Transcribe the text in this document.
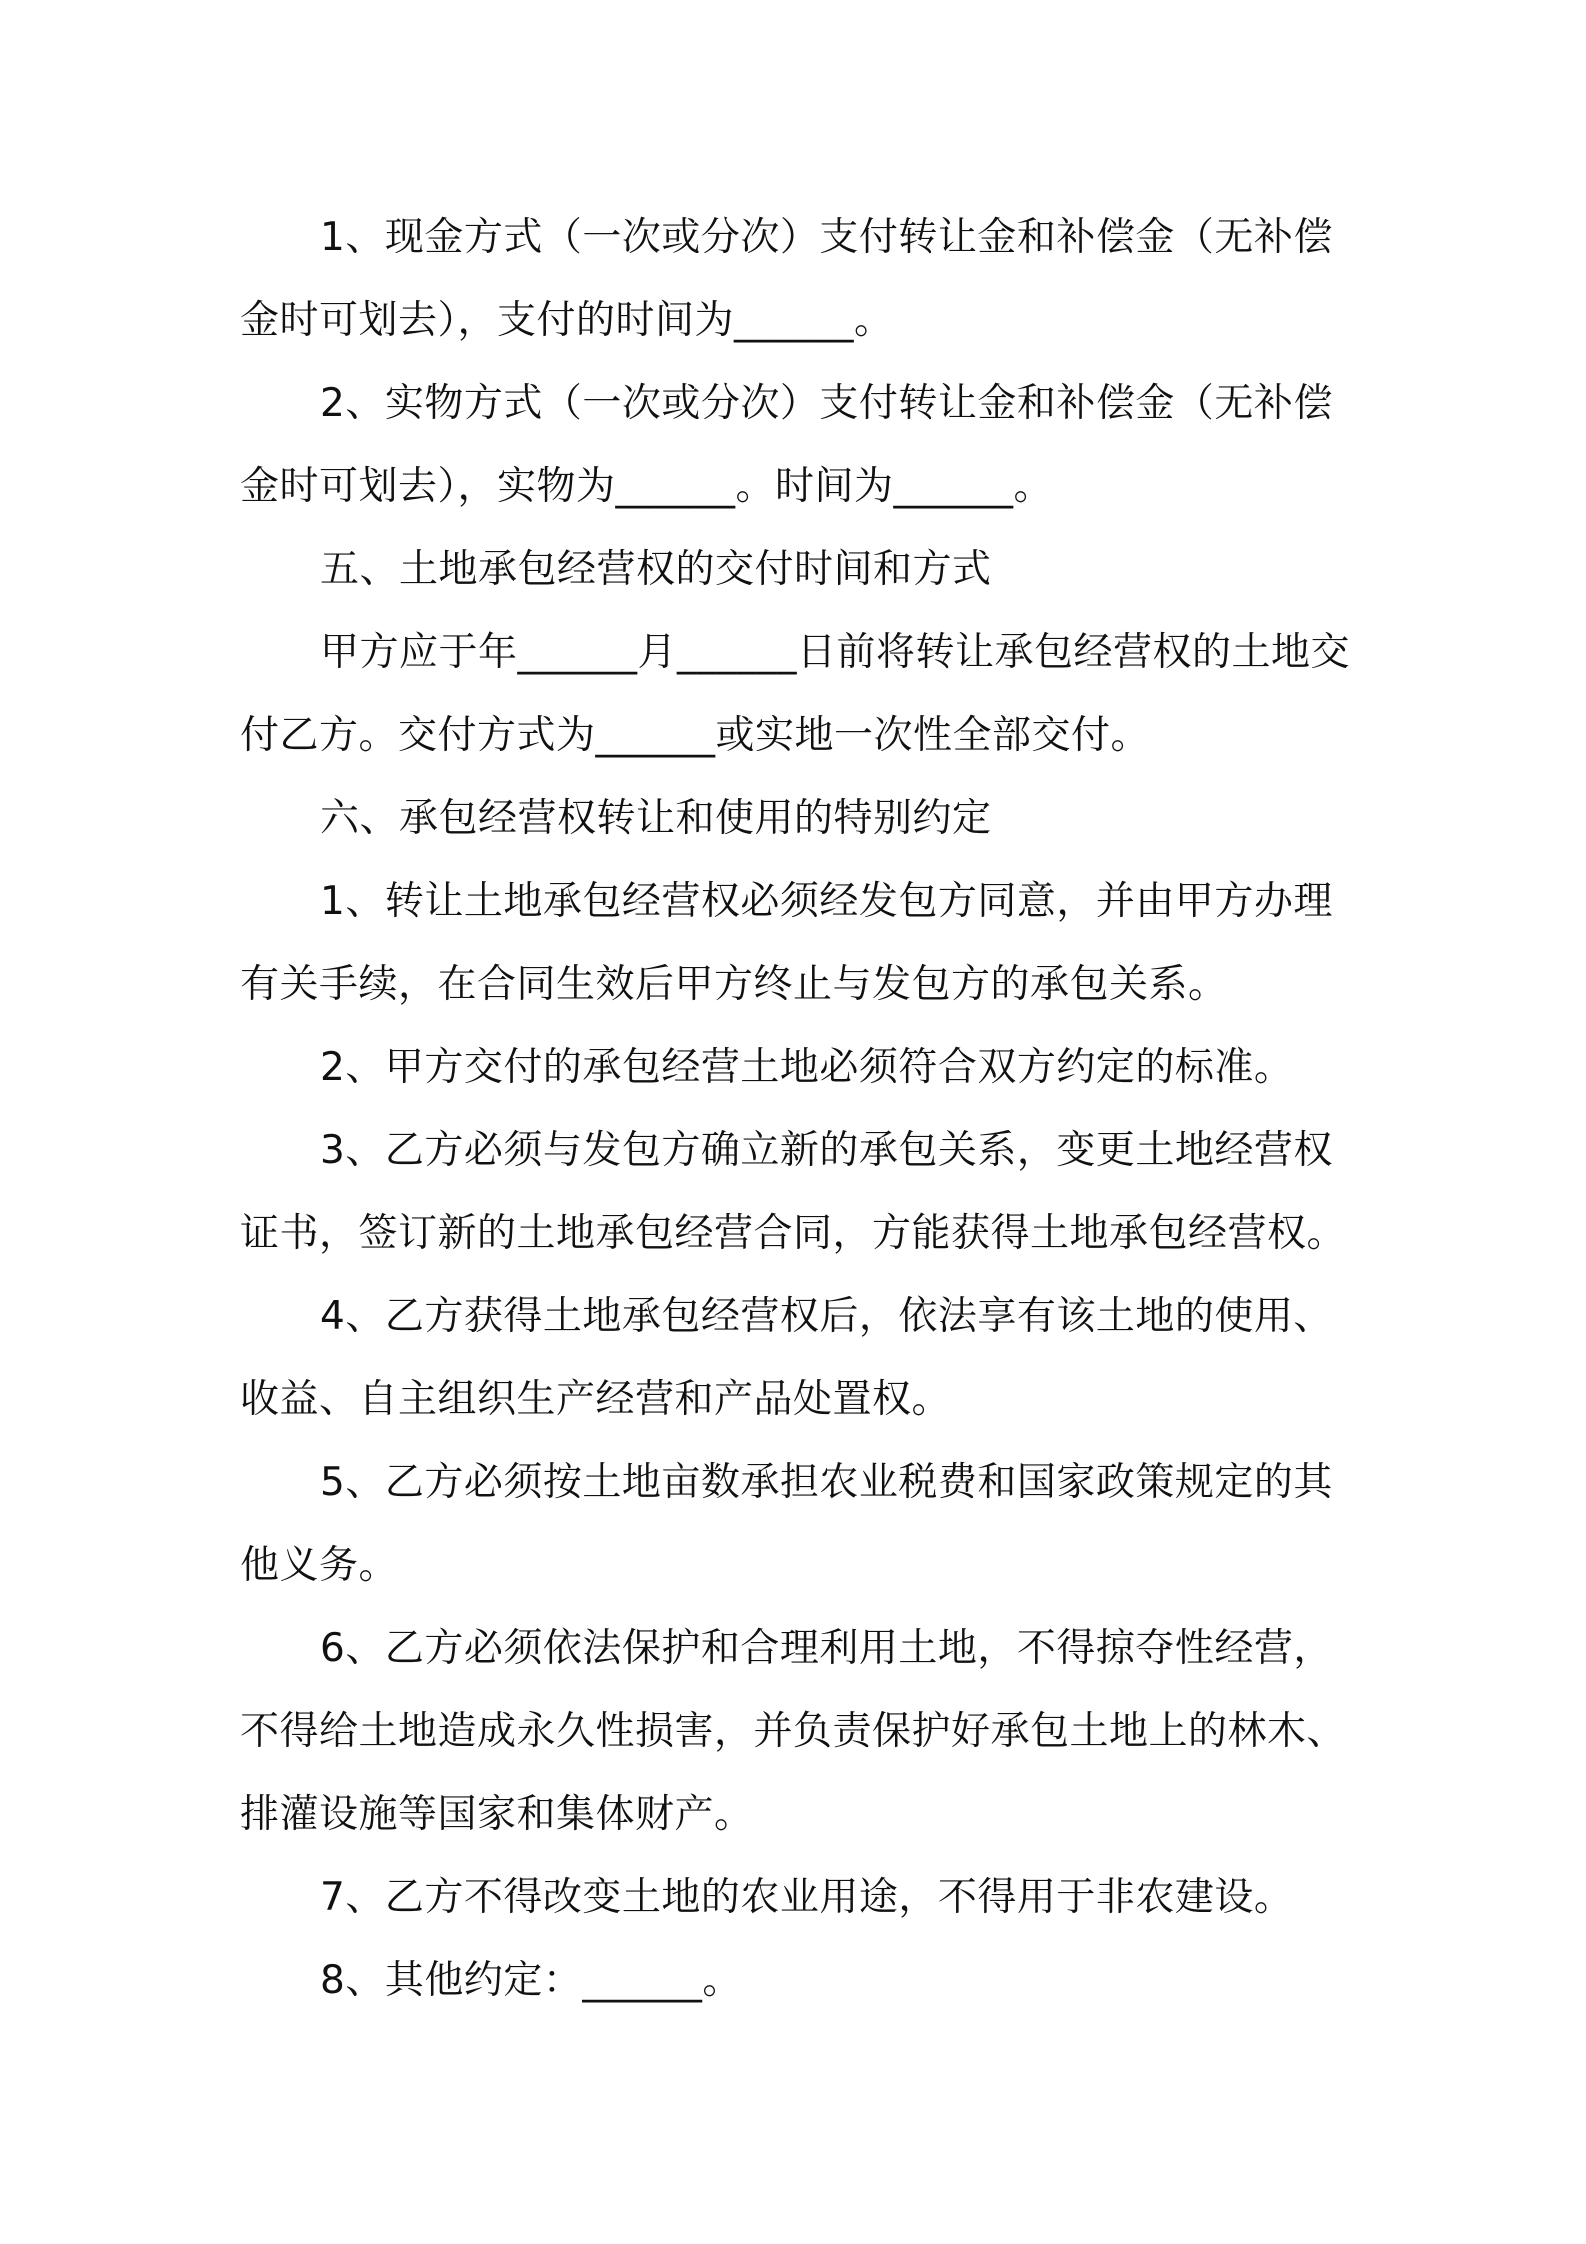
1、现金方式（一次或分次）支付转让金和补偿金（无补偿金时可划去），支付的时间为______。

2、实物方式（一次或分次）支付转让金和补偿金（无补偿金时可划去），实物为______。时间为______。

五、土地承包经营权的交付时间和方式

甲方应于年______月______日前将转让承包经营权的土地交付乙方。交付方式为______或实地一次性全部交付。

六、承包经营权转让和使用的特别约定

1、转让土地承包经营权必须经发包方同意，并由甲方办理有关手续，在合同生效后甲方终止与发包方的承包关系。

2、甲方交付的承包经营土地必须符合双方约定的标准。

3、乙方必须与发包方确立新的承包关系，变更土地经营权证书，签订新的土地承包经营合同，方能获得土地承包经营权。

4、乙方获得土地承包经营权后，依法享有该土地的使用、收益、自主组织生产经营和产品处置权。

5、乙方必须按土地亩数承担农业税费和国家政策规定的其他义务。

6、乙方必须依法保护和合理利用土地，不得掠夺性经营，不得给土地造成永久性损害，并负责保护好承包土地上的林木、排灌设施等国家和集体财产。

7、乙方不得改变土地的农业用途，不得用于非农建设。

8、其他约定：______。
